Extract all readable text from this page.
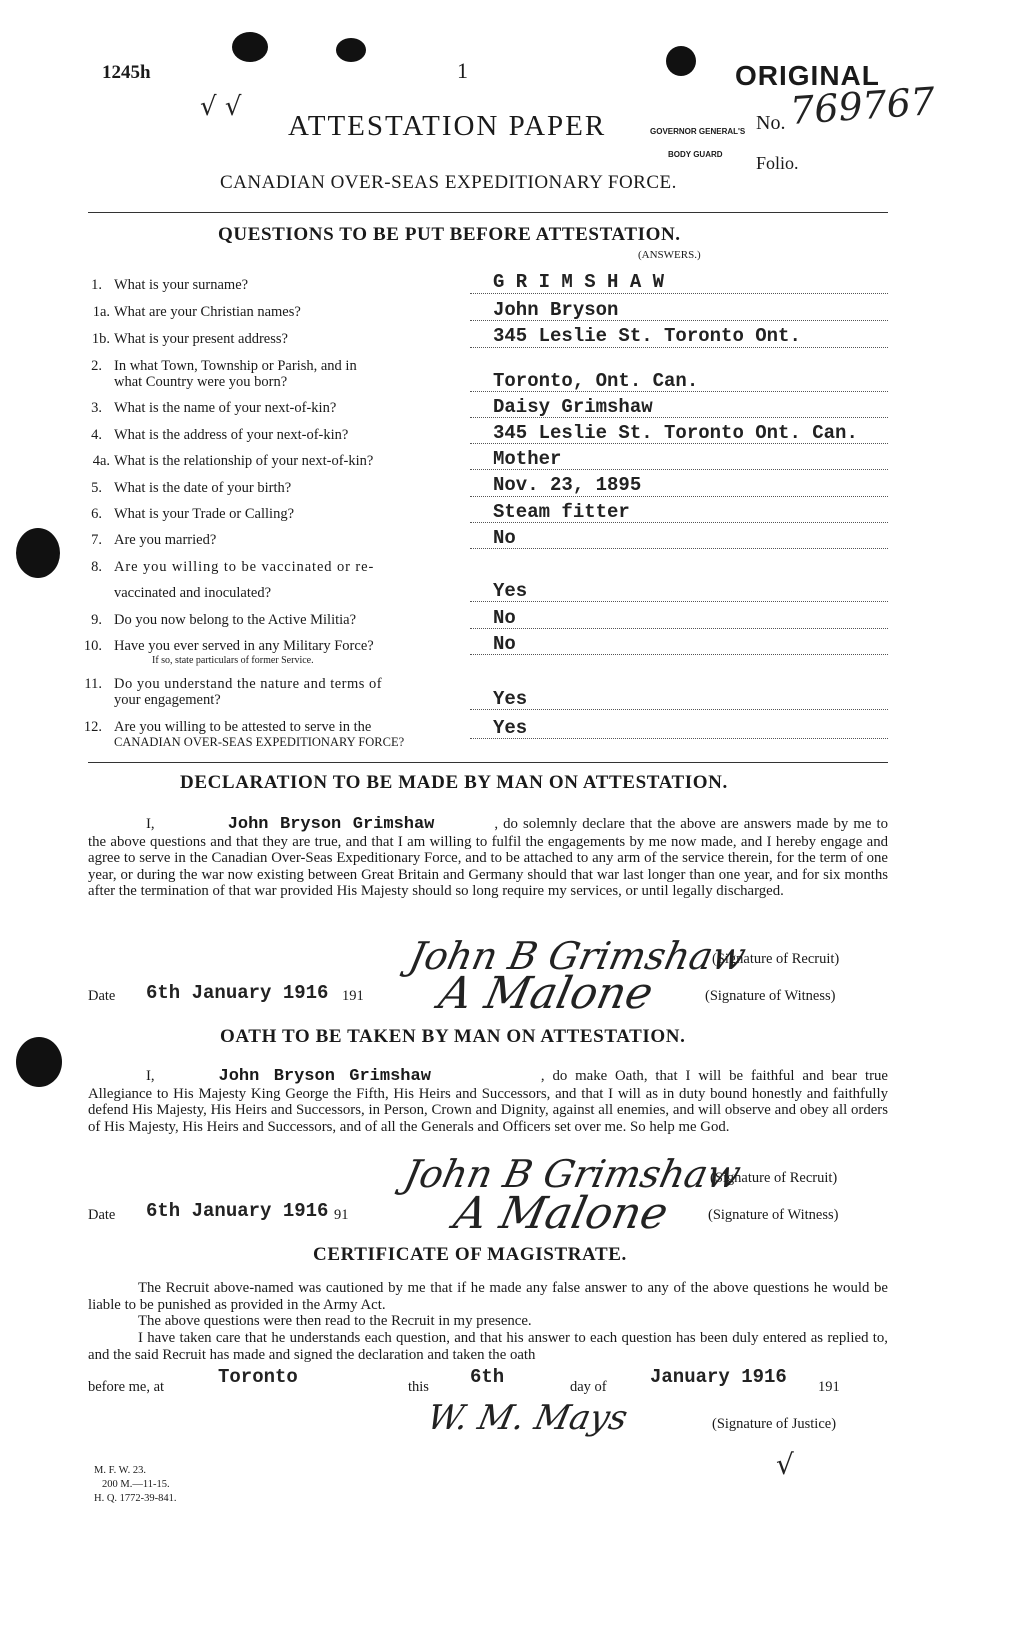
1245h	1	ORIGINAL
√ √
ATTESTATION PAPER	GOVERNOR GENERAL'S
BODY GUARD
No. 769767
Folio.
CANADIAN OVER-SEAS EXPEDITIONARY FORCE.
QUESTIONS TO BE PUT BEFORE ATTESTATION.
(ANSWERS.)
1. What is your surname?	G R I M S H A W
1a. What are your Christian names?	John Bryson
1b. What is your present address?	345 Leslie St. Toronto Ont.
2. In what Town, Township or Parish, and in
what Country were you born?	Toronto, Ont. Can.
3. What is the name of your next-of-kin?	Daisy Grimshaw
4. What is the address of your next-of-kin?	345 Leslie St. Toronto Ont. Can.
4a. What is the relationship of your next-of-kin?	Mother
5. What is the date of your birth?	Nov. 23, 1895
6. What is your Trade or Calling?	Steam fitter
7. Are you married?	No
8. Are you willing to be vaccinated or re-
vaccinated and inoculated?	Yes
9. Do you now belong to the Active Militia?	No
10. Have you ever served in any Military Force?
If so, state particulars of former Service.
No
11. Do you understand the nature and terms of
your engagement?	Yes
12. Are you willing to be attested to serve in the
CANADIAN OVER-SEAS EXPEDITIONARY FORCE?
Yes
DECLARATION TO BE MADE BY MAN ON ATTESTATION.
I,	John Bryson Grimshaw	, do solemnly declare that the above are answers made by me to the above questions and that they are true, and that I am willing to fulfil the engagements by me now made, and I hereby engage and agree to serve in the Canadian Over-Seas Expeditionary Force, and to be attached to any arm of the service therein, for the term of one year, or during the war now existing between Great Britain and Germany should that war last longer than one year, and for six months after the termination of that war provided His Majesty should so long require my services, or until legally discharged.
John B Grimshaw
(Signature of Recruit)
Date 6th January 1916 191 A Malone	(Signature of Witness)
OATH TO BE TAKEN BY MAN ON ATTESTATION.
I,	John Bryson Grimshaw	, do make Oath, that I will be faithful and bear true Allegiance to His Majesty King George the Fifth, His Heirs and Successors, and that I will as in duty bound honestly and faithfully defend His Majesty, His Heirs and Successors, in Person, Crown and Dignity, against all enemies, and will observe and obey all orders of His Majesty, His Heirs and Successors, and of all the Generals and Officers set over me. So help me God.
John B Grimshaw
(Signature of Recruit)
Date 6th January 1916 91 A Malone (Signature of Witness)
CERTIFICATE OF MAGISTRATE.
The Recruit above-named was cautioned by me that if he made any false answer to any of the above questions he would be liable to be punished as provided in the Army Act.
The above questions were then read to the Recruit in my presence.
I have taken care that he understands each question, and that his answer to each question has been duly entered as replied to, and the said Recruit has made and signed the declaration and taken the oath
before me, at	Toronto	this 6th	day of January 1916 191
W. M. Mays	(Signature of Justice)
M. F. W. 23.
200 M.—11-15.
H. Q. 1772-39-841.
√
